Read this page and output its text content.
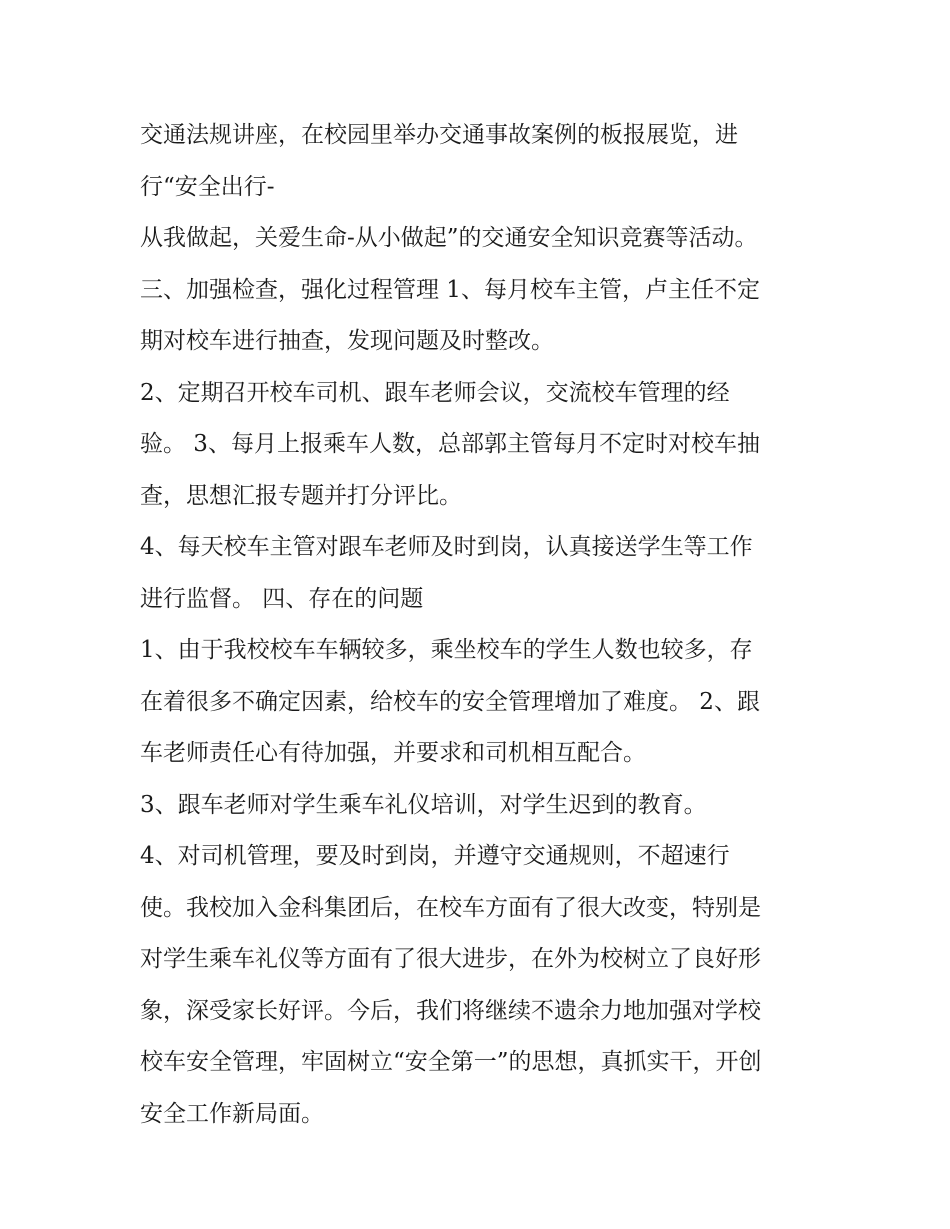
交通法规讲座，在校园里举办交通事故案例的板报展览，进
行“安全出行-
从我做起，关爱生命-从小做起”的交通安全知识竞赛等活动。
三、加强检查，强化过程管理 1、每月校车主管，卢主任不定
期对校车进行抽查，发现问题及时整改。
2、定期召开校车司机、跟车老师会议，交流校车管理的经
验。 3、每月上报乘车人数，总部郭主管每月不定时对校车抽
查，思想汇报专题并打分评比。
4、每天校车主管对跟车老师及时到岗，认真接送学生等工作
进行监督。 四、存在的问题
1、由于我校校车车辆较多，乘坐校车的学生人数也较多，存
在着很多不确定因素，给校车的安全管理增加了难度。 2、跟
车老师责任心有待加强，并要求和司机相互配合。
3、跟车老师对学生乘车礼仪培训，对学生迟到的教育。
4、对司机管理，要及时到岗，并遵守交通规则，不超速行
使。我校加入金科集团后，在校车方面有了很大改变，特别是
对学生乘车礼仪等方面有了很大进步，在外为校树立了良好形
象，深受家长好评。今后，我们将继续不遗余力地加强对学校
校车安全管理，牢固树立“安全第一”的思想，真抓实干，开创
安全工作新局面。
